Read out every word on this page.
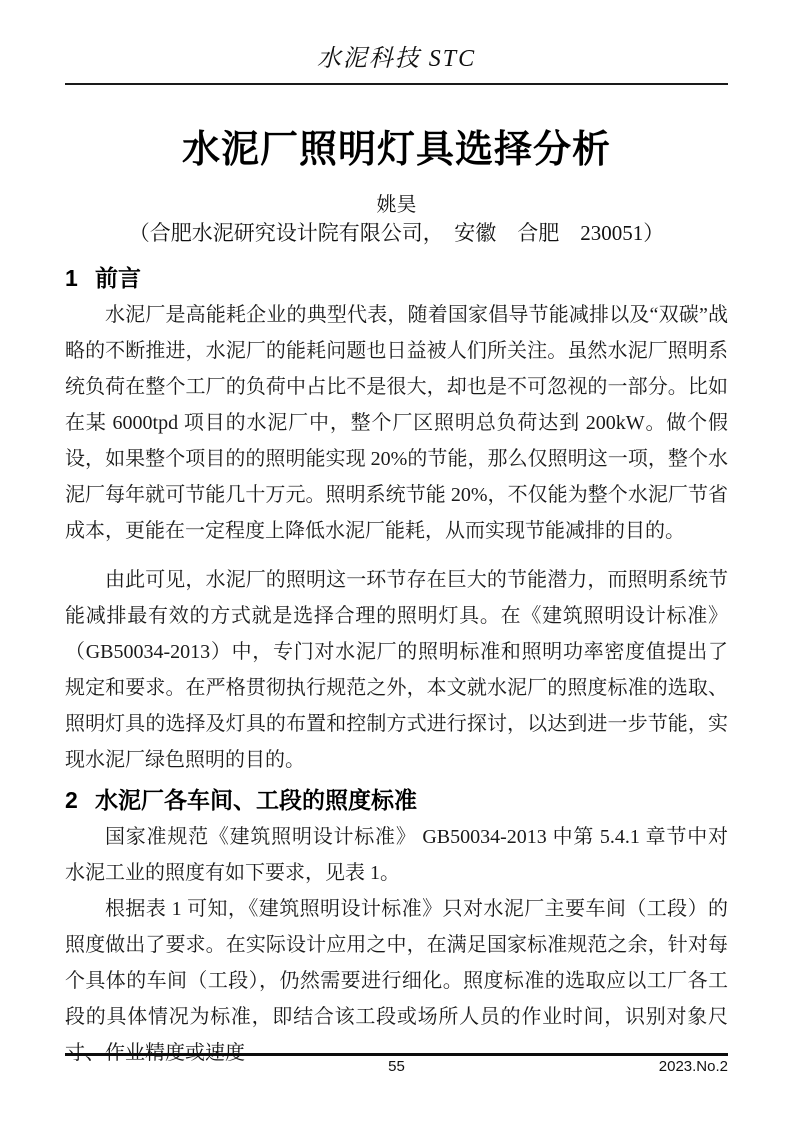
水泥科技 STC
水泥厂照明灯具选择分析
姚昊
（合肥水泥研究设计院有限公司，　安徽　合肥　230051）
1 前言

水泥厂是高能耗企业的典型代表，随着国家倡导节能减排以及“双碳”战略的不断推进，水泥厂的能耗问题也日益被人们所关注。虽然水泥厂照明系统负荷在整个工厂的负荷中占比不是很大，却也是不可忽视的一部分。比如在某 6000tpd 项目的水泥厂中，整个厂区照明总负荷达到 200kW。做个假设，如果整个项目的的照明能实现 20%的节能，那么仅照明这一项，整个水泥厂每年就可节能几十万元。照明系统节能 20%，不仅能为整个水泥厂节省成本，更能在一定程度上降低水泥厂能耗，从而实现节能减排的目的。

由此可见，水泥厂的照明这一环节存在巨大的节能潜力，而照明系统节能减排最有效的方式就是选择合理的照明灯具。在《建筑照明设计标准》（GB50034-2013）中，专门对水泥厂的照明标准和照明功率密度值提出了规定和要求。在严格贯彻执行规范之外，本文就水泥厂的照度标准的选取、照明灯具的选择及灯具的布置和控制方式进行探讨，以达到进一步节能，实现水泥厂绿色照明的目的。

2 水泥厂各车间、工段的照度标准

国家准规范《建筑照明设计标准》 GB50034-2013 中第 5.4.1 章节中对水泥工业的照度有如下要求，见表 1。

根据表 1 可知，《建筑照明设计标准》只对水泥厂主要车间（工段）的照度做出了要求。在实际设计应用之中，在满足国家标准规范之余，针对每个具体的车间（工段），仍然需要进行细化。照度标准的选取应以工厂各工段的具体情况为标准，即结合该工段或场所人员的作业时间，识别对象尺寸、作业精度或速度

55	2023.No.2
